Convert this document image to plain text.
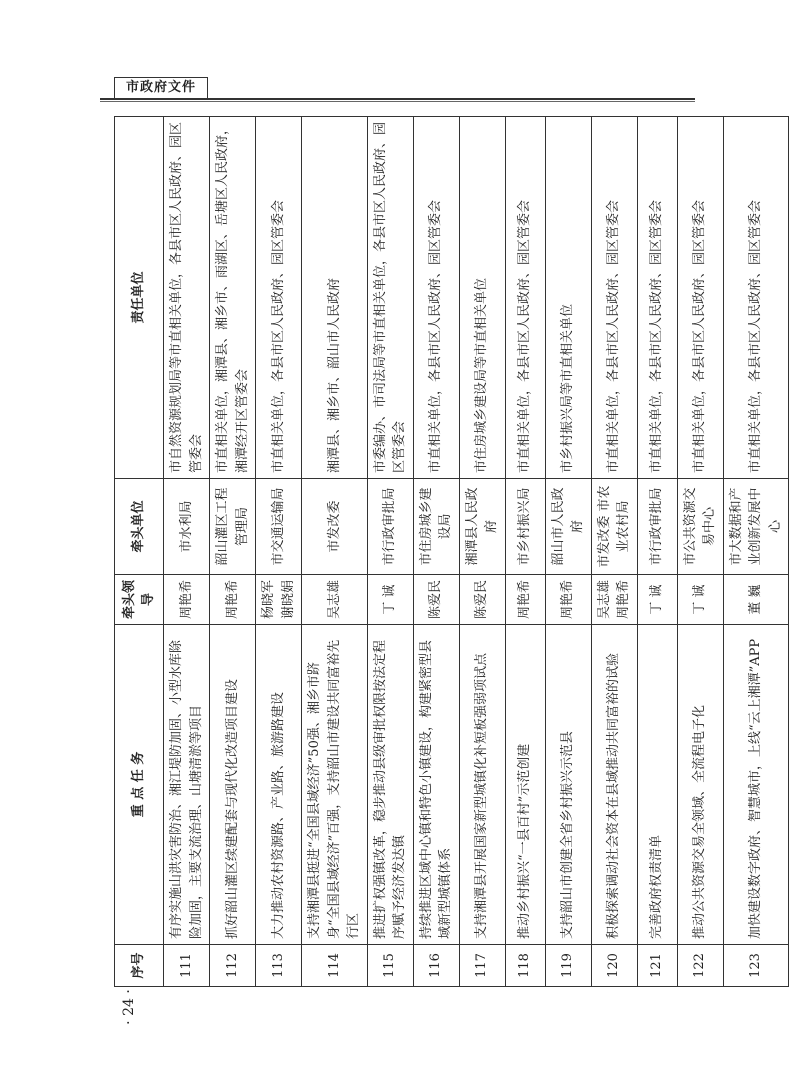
市政府文件
序号	重 点 任 务	牵头领导	牵头单位	责任单位
111	有序实施山洪灾害防治、湘江堤防加固、小型水库除险加固，主要支流治理、山塘清淤等项目	周艳希	市水利局	市自然资源规划局等市直相关单位，各县市区人民政府、园区管委会
112	抓好韶山灌区续建配套与现代化改造项目建设	周艳希	韶山灌区工程管理局	市直相关单位，湘潭县、湘乡市、雨湖区、岳塘区人民政府，湘潭经开区管委会
113	大力推动农村资源路、产业路、旅游路建设	杨晓军 谢晓娟	市交通运输局	市直相关单位，各县市区人民政府、园区管委会
114	支持湘潭县挺进“全国县域经济”50强、湘乡市跻身“全国县域经济”百强，支持韶山市建设共同富裕先行区	吴志雄	市发改委	湘潭县、湘乡市、韶山市人民政府
115	推进扩权强镇改革，稳步推动县级审批权限按法定程序赋予经济发达镇	丁 诚	市行政审批局	市委编办、市司法局等市直相关单位，各县市区人民政府、园区管委会
116	持续推进区域中心镇和特色小镇建设，构建紧密型县域新型城镇体系	陈爱民	市住房城乡建设局	市直相关单位，各县市区人民政府、园区管委会
117	支持湘潭县开展国家新型城镇化补短板强弱项试点	陈爱民	湘潭县人民政府	市住房城乡建设局等市直相关单位
118	推动乡村振兴“一县百村”示范创建	周艳希	市乡村振兴局	市直相关单位，各县市区人民政府、园区管委会
119	支持韶山市创建全省乡村振兴示范县	周艳希	韶山市人民政府	市乡村振兴局等市直相关单位
120	积极探索调动社会资本在县域推动共同富裕的试验	吴志雄 周艳希	市发改委 市农业农村局	市直相关单位，各县市区人民政府、园区管委会
121	完善政府权责清单	丁 诚	市行政审批局	市直相关单位，各县市区人民政府、园区管委会
122	推动公共资源交易全领域、全流程电子化	丁 诚	市公共资源交易中心	市直相关单位，各县市区人民政府、园区管委会
123	加快建设数字政府、智慧城市，上线“云上湘潭”APP	董 巍	市大数据和产业创新发展中心	市直相关单位，各县市区人民政府、园区管委会
· 24 ·
